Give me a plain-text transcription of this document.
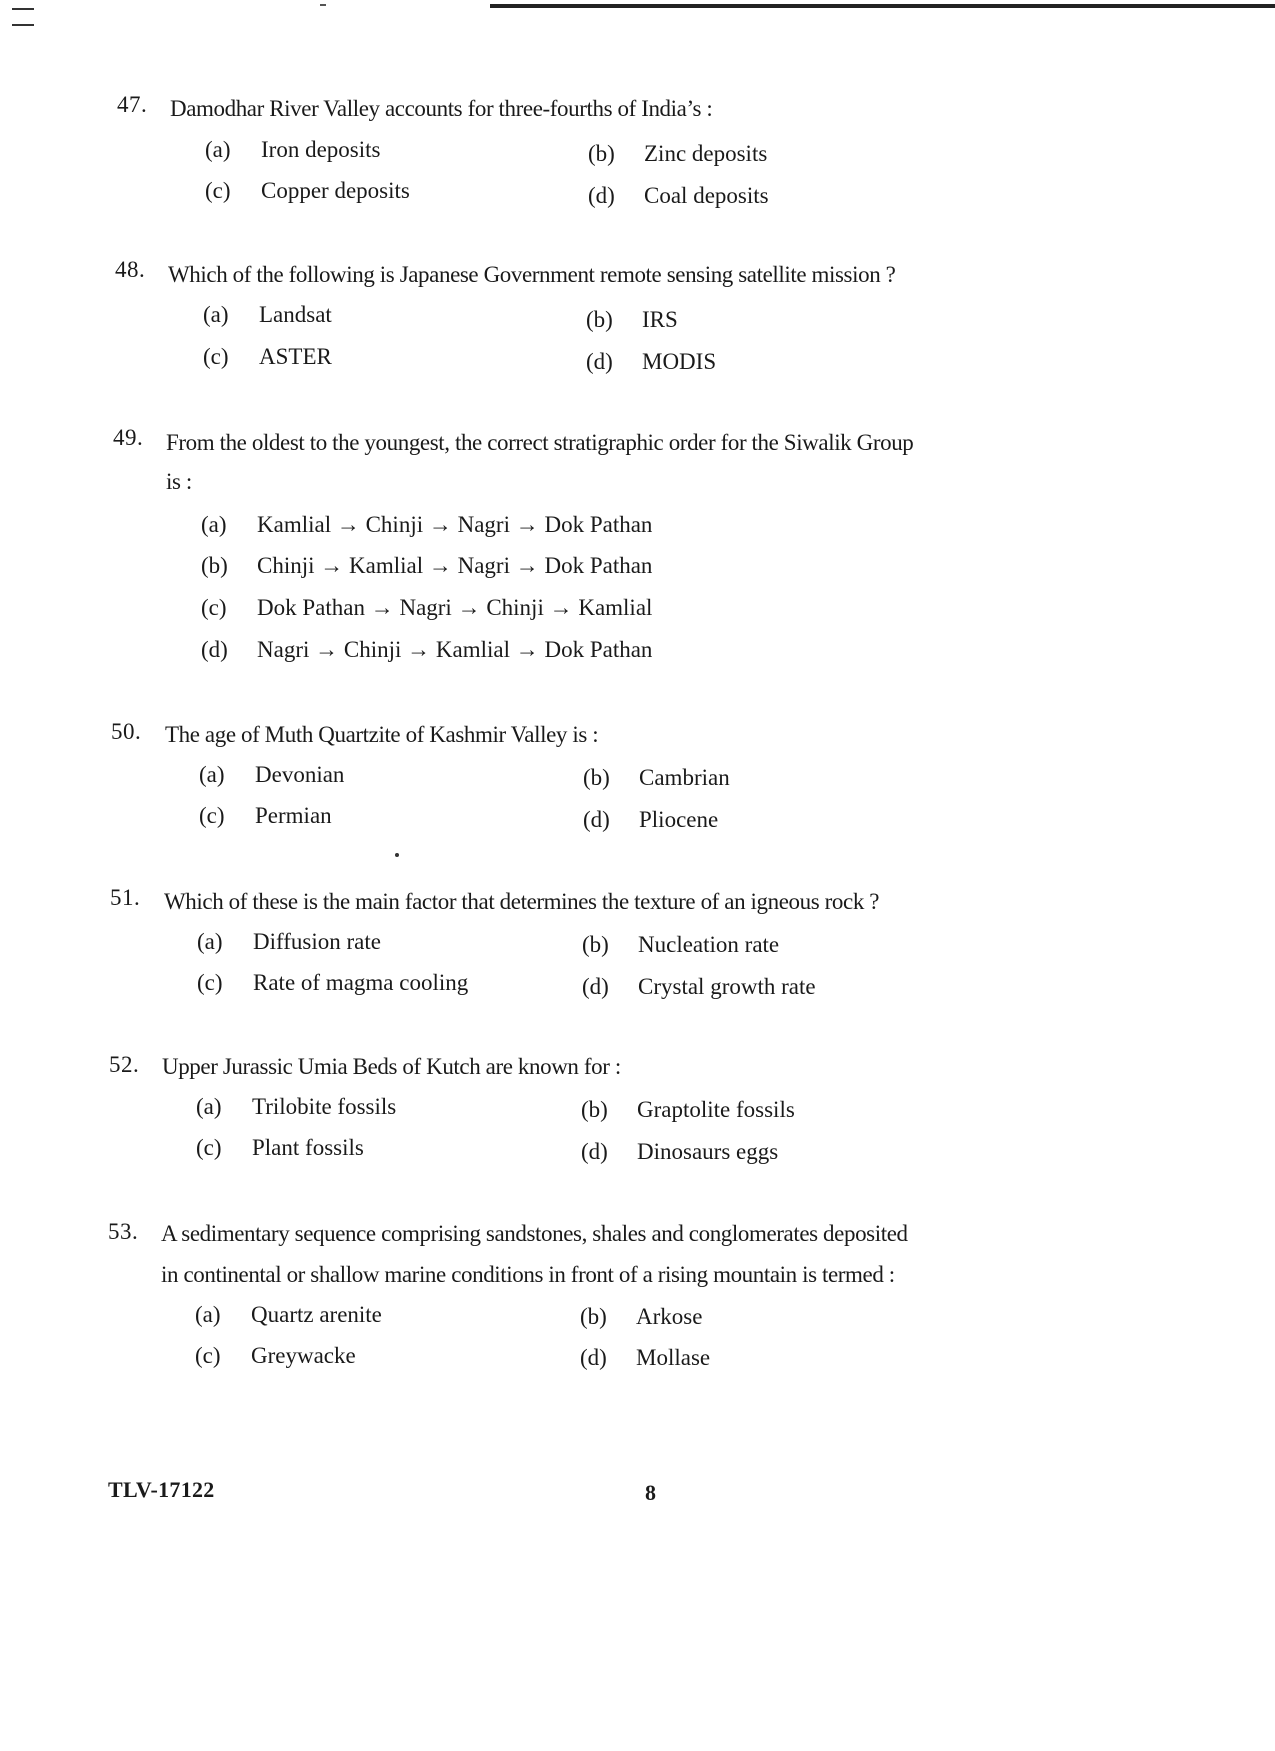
47. Damodhar River Valley accounts for three-fourths of India’s :
(a) Iron deposits	(b) Zinc deposits
(c) Copper deposits	(d) Coal deposits
48. Which of the following is Japanese Government remote sensing satellite mission ?
(a) Landsat	(b) IRS
(c) ASTER	(d) MODIS
49. From the oldest to the youngest, the correct stratigraphic order for the Siwalik Group
is :
(a) Kamlial → Chinji → Nagri → Dok Pathan
(b) Chinji → Kamlial → Nagri → Dok Pathan
(c) Dok Pathan → Nagri → Chinji → Kamlial
(d) Nagri → Chinji → Kamlial → Dok Pathan
50. The age of Muth Quartzite of Kashmir Valley is :
(a) Devonian	(b) Cambrian
(c) Permian	(d) Pliocene
51. Which of these is the main factor that determines the texture of an igneous rock ?
(a) Diffusion rate	(b) Nucleation rate
(c) Rate of magma cooling	(d) Crystal growth rate
52. Upper Jurassic Umia Beds of Kutch are known for :
(a) Trilobite fossils	(b) Graptolite fossils
(c) Plant fossils	(d) Dinosaurs eggs
53. A sedimentary sequence comprising sandstones, shales and conglomerates deposited
in continental or shallow marine conditions in front of a rising mountain is termed :
(a) Quartz arenite	(b) Arkose
(c) Greywacke	(d) Mollase
TLV-17122	8
